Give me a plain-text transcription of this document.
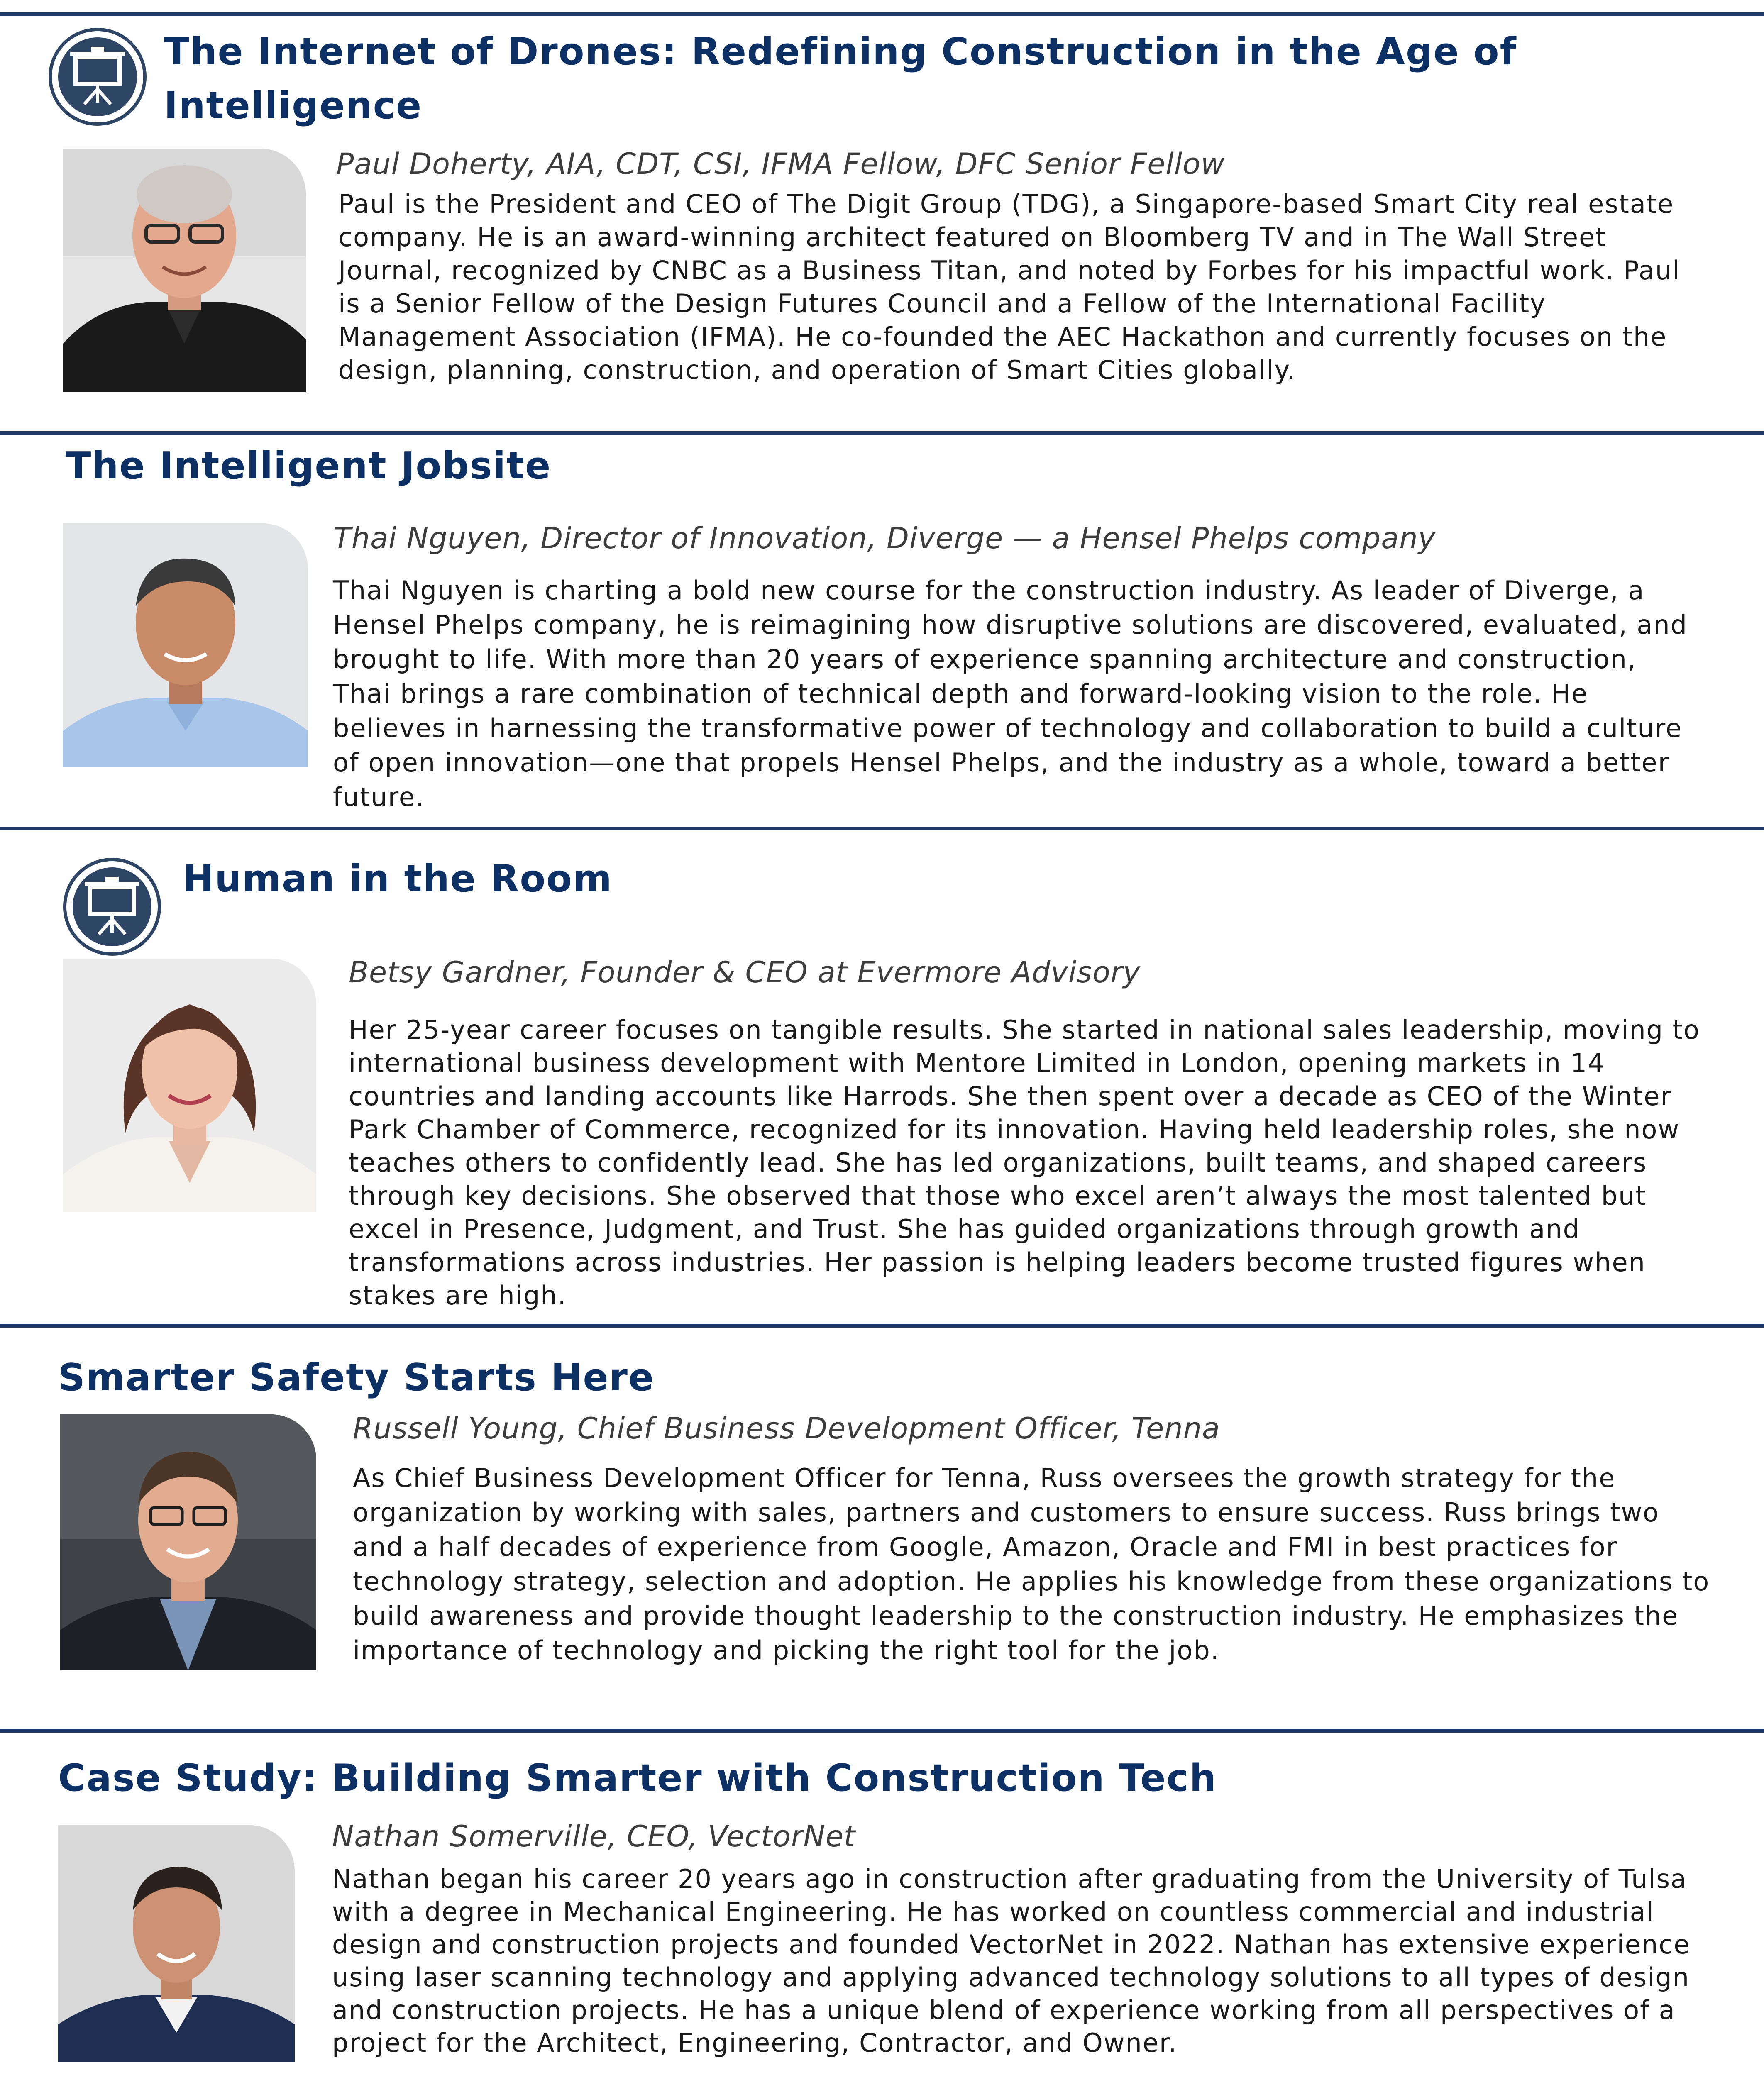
The Internet of Drones: Redefining Construction in the Age of Intelligence

Paul Doherty, AIA, CDT, CSI, IFMA Fellow, DFC Senior Fellow

Paul is the President and CEO of The Digit Group (TDG), a Singapore-based Smart City real estate company. He is an award-winning architect featured on Bloomberg TV and in The Wall Street Journal, recognized by CNBC as a Business Titan, and noted by Forbes for his impactful work. Paul is a Senior Fellow of the Design Futures Council and a Fellow of the International Facility Management Association (IFMA). He co-founded the AEC Hackathon and currently focuses on the design, planning, construction, and operation of Smart Cities globally.

The Intelligent Jobsite

Thai Nguyen, Director of Innovation, Diverge — a Hensel Phelps company

Thai Nguyen is charting a bold new course for the construction industry. As leader of Diverge, a Hensel Phelps company, he is reimagining how disruptive solutions are discovered, evaluated, and brought to life. With more than 20 years of experience spanning architecture and construction, Thai brings a rare combination of technical depth and forward-looking vision to the role. He believes in harnessing the transformative power of technology and collaboration to build a culture of open innovation—one that propels Hensel Phelps, and the industry as a whole, toward a better future.

Human in the Room

Betsy Gardner, Founder & CEO at Evermore Advisory

Her 25-year career focuses on tangible results. She started in national sales leadership, moving to international business development with Mentore Limited in London, opening markets in 14 countries and landing accounts like Harrods. She then spent over a decade as CEO of the Winter Park Chamber of Commerce, recognized for its innovation. Having held leadership roles, she now teaches others to confidently lead. She has led organizations, built teams, and shaped careers through key decisions. She observed that those who excel aren’t always the most talented but excel in Presence, Judgment, and Trust. She has guided organizations through growth and transformations across industries. Her passion is helping leaders become trusted figures when stakes are high.

Smarter Safety Starts Here

Russell Young, Chief Business Development Officer, Tenna

As Chief Business Development Officer for Tenna, Russ oversees the growth strategy for the organization by working with sales, partners and customers to ensure success. Russ brings two and a half decades of experience from Google, Amazon, Oracle and FMI in best practices for technology strategy, selection and adoption. He applies his knowledge from these organizations to build awareness and provide thought leadership to the construction industry. He emphasizes the importance of technology and picking the right tool for the job.

Case Study: Building Smarter with Construction Tech

Nathan Somerville, CEO, VectorNet

Nathan began his career 20 years ago in construction after graduating from the University of Tulsa with a degree in Mechanical Engineering. He has worked on countless commercial and industrial design and construction projects and founded VectorNet in 2022. Nathan has extensive experience using laser scanning technology and applying advanced technology solutions to all types of design and construction projects. He has a unique blend of experience working from all perspectives of a project for the Architect, Engineering, Contractor, and Owner.
